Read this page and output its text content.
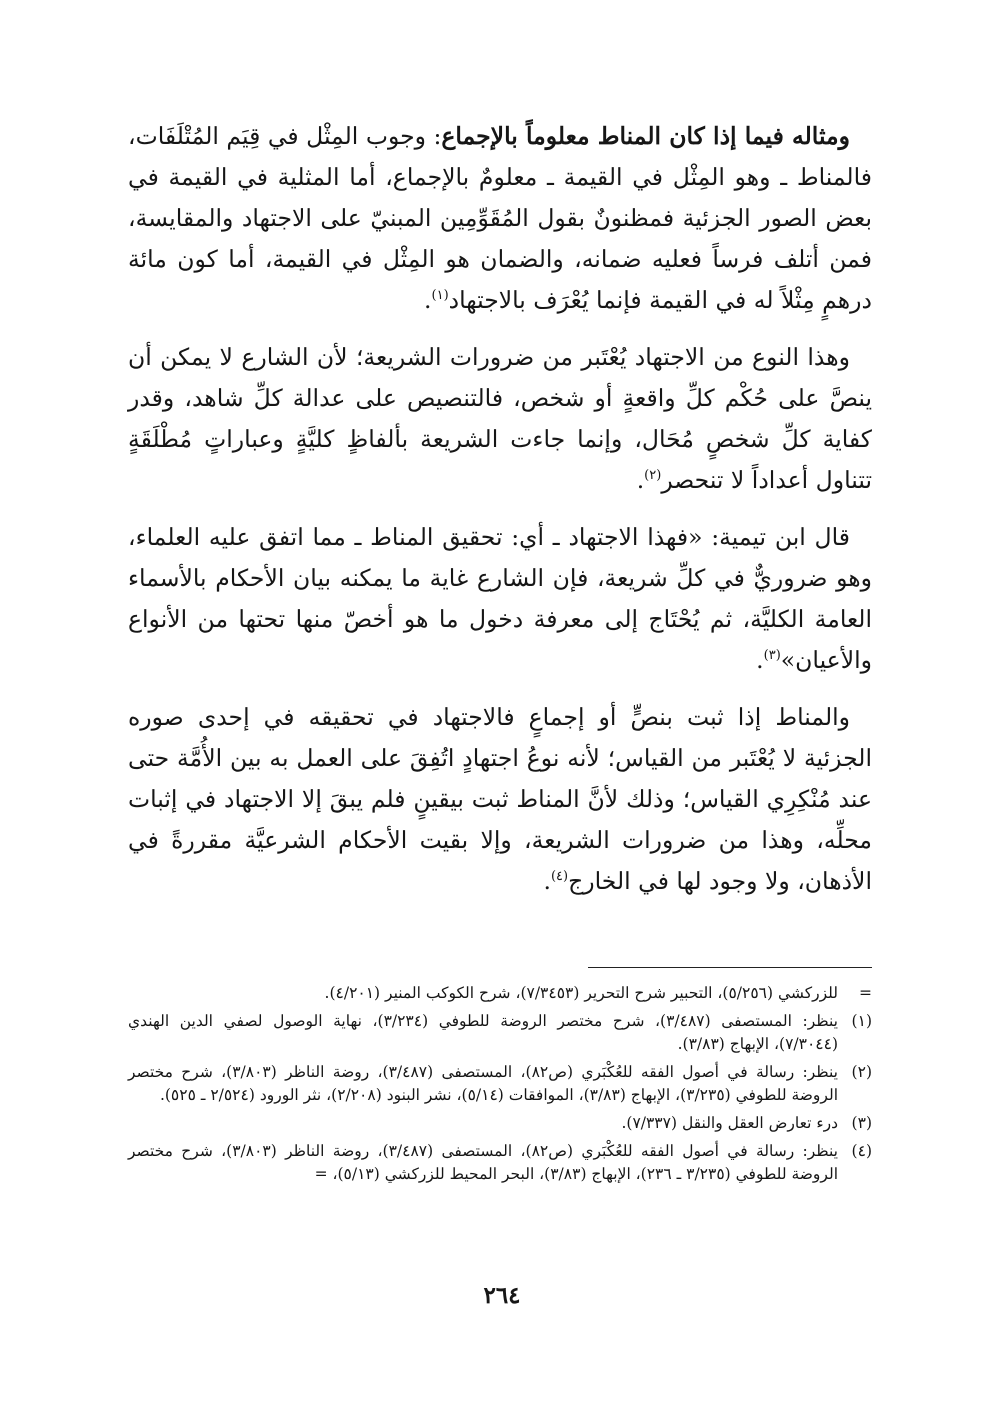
ومثاله فيما إذا كان المناط معلوماً بالإجماع: وجوب المِثْل في قِيَم المُتْلَفَات، فالمناط ـ وهو المِثْل في القيمة ـ معلومٌ بالإجماع، أما المثلية في القيمة في بعض الصور الجزئية فمظنونٌ بقول المُقَوِّمِين المبنيّ على الاجتهاد والمقايسة، فمن أتلف فرساً فعليه ضمانه، والضمان هو المِثْل في القيمة، أما كون مائة درهمٍ مِثْلاً له في القيمة فإنما يُعْرَف بالاجتهاد$^{(١)}$.

وهذا النوع من الاجتهاد يُعْتَبر من ضرورات الشريعة؛ لأن الشارع لا يمكن أن ينصَّ على حُكْم كلِّ واقعةٍ أو شخص، فالتنصيص على عدالة كلِّ شاهد، وقدر كفاية كلِّ شخصٍ مُحَال، وإنما جاءت الشريعة بألفاظٍ كليَّةٍ وعباراتٍ مُطْلَقَةٍ تتناول أعداداً لا تنحصر$^{(٢)}$.

قال ابن تيمية: «فهذا الاجتهاد ـ أي: تحقيق المناط ـ مما اتفق عليه العلماء، وهو ضروريٌّ في كلِّ شريعة، فإن الشارع غاية ما يمكنه بيان الأحكام بالأسماء العامة الكليَّة، ثم يُحْتَاج إلى معرفة دخول ما هو أخصّ منها تحتها من الأنواع والأعيان»$^{(٣)}$.

والمناط إذا ثبت بنصٍّ أو إجماعٍ فالاجتهاد في تحقيقه في إحدى صوره الجزئية لا يُعْتَبر من القياس؛ لأنه نوعُ اجتهادٍ اتُفِقَ على العمل به بين الأُمَّة حتى عند مُنْكِرِي القياس؛ وذلك لأنَّ المناط ثبت بيقينٍ فلم يبقَ إلا الاجتهاد في إثبات محلِّه، وهذا من ضرورات الشريعة، وإلا بقيت الأحكام الشرعيَّة مقررةً في الأذهان، ولا وجود لها في الخارج$^{(٤)}$.

=
للزركشي (٥/٢٥٦)، التحبير شرح التحرير (٧/٣٤٥٣)، شرح الكوكب المنير (٤/٢٠١).
(١)
ينظر: المستصفى (٣/٤٨٧)، شرح مختصر الروضة للطوفي (٣/٢٣٤)، نهاية الوصول لصفي الدين الهندي (٧/٣٠٤٤)، الإبهاج (٣/٨٣).
(٢)
ينظر: رسالة في أصول الفقه للعُكْبَري (ص٨٢)، المستصفى (٣/٤٨٧)، روضة الناظر (٣/٨٠٣)، شرح مختصر الروضة للطوفي (٣/٢٣٥)، الإبهاج (٣/٨٣)، الموافقات (٥/١٤)، نشر البنود (٢/٢٠٨)، نثر الورود (٢/٥٢٤ ـ ٥٢٥).
(٣)
درء تعارض العقل والنقل (٧/٣٣٧).
(٤)
ينظر: رسالة في أصول الفقه للعُكْبَري (ص٨٢)، المستصفى (٣/٤٨٧)، روضة الناظر (٣/٨٠٣)، شرح مختصر الروضة للطوفي (٣/٢٣٥ ـ ٢٣٦)، الإبهاج (٣/٨٣)، البحر المحيط للزركشي (٥/١٣)، =
٢٦٤
